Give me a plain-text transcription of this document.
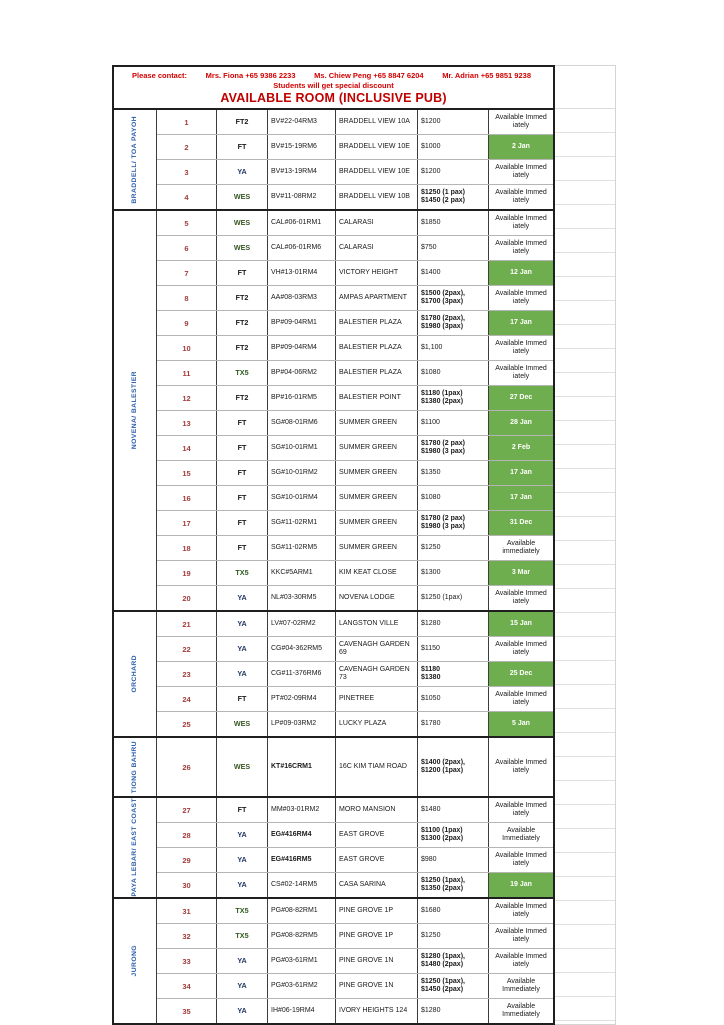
Please contact: Mrs. Fiona +65 9386 2233 Ms. Chiew Peng +65 8847 6204 Mr. Adrian +65 9851 9238
Students will get special discount
AVAILABLE ROOM (INCLUSIVE PUB)
BRADDELL/ TOA PAYOH	1	FT2	BV#22-04RM3	BRADDELL VIEW 10A	$1200
Available Immed iately
2	FT	BV#15-19RM6	BRADDELL VIEW 10E	$1000	2 Jan
3	YA	BV#13-19RM4	BRADDELL VIEW 10E	$1200
Available Immed iately
4	WES	BV#11-08RM2	BRADDELL VIEW 10B
$1250 (1 pax)
$1450 (2 pax)
Available Immed iately
NOVENA/ BALESTIER
5	WES	CAL#06-01RM1	CALARASI	$1850
Available Immed iately
6	WES	CAL#06-01RM6	CALARASI	$750
Available Immed iately
7	FT	VH#13-01RM4	VICTORY HEIGHT	$1400	12 Jan
8	FT2	AA#08-03RM3	AMPAS APARTMENT
$1500 (2pax),
$1700 (3pax)
Available Immed iately
9	FT2	BP#09-04RM1	BALESTIER PLAZA
$1780 (2pax),
$1980 (3pax)
17 Jan
10	FT2	BP#09-04RM4	BALESTIER PLAZA	$1,100
Available Immed iately
11	TX5	BP#04-06RM2	BALESTIER PLAZA	$1080
Available Immed iately
12	FT2	BP#16-01RM5	BALESTIER POINT
$1180 (1pax)
$1380 (2pax)
27 Dec
13	FT	SG#08-01RM6	SUMMER GREEN	$1100	28 Jan
14	FT	SG#10-01RM1	SUMMER GREEN
$1780 (2 pax)
$1980 (3 pax)
2 Feb
15	FT	SG#10-01RM2	SUMMER GREEN	$1350	17 Jan
16	FT	SG#10-01RM4	SUMMER GREEN	$1080	17 Jan
17	FT	SG#11-02RM1	SUMMER GREEN
$1780 (2 pax)
$1980 (3 pax)
31 Dec
18	FT	SG#11-02RM5	SUMMER GREEN	$1250
Available immediately
19	TX5	KKC#5ARM1	KIM KEAT CLOSE	$1300	3 Mar
20	YA	NL#03-30RM5	NOVENA LODGE	$1250 (1pax)
Available Immed iately
ORCHARD
21	YA	LV#07-02RM2	LANGSTON VILLE	$1280	15 Jan
22	YA	CG#04-362RM5
CAVENAGH GARDEN 69
$1150
Available Immed iately
23	YA	CG#11-376RM6
CAVENAGH GARDEN 73
$1180
$1380
25 Dec
24	FT	PT#02-09RM4	PINETREE	$1050
Available Immed iately
25	WES	LP#09-03RM2	LUCKY PLAZA	$1780	5 Jan
TIONG BAHRU	26	WES	KT#16CRM1	16C KIM TIAM ROAD
$1400 (2pax),
$1200 (1pax)
Available Immed iately
PAYA LEBAR/ EAST COAST	27	FT	MM#03-01RM2	MORO MANSION	$1480
Available Immed iately
28	YA	EG#416RM4	EAST GROVE
$1100 (1pax)
$1300 (2pax)
Available Immediately
29	YA	EG#416RM5	EAST GROVE	$980
Available Immed iately
30	YA	CS#02-14RM5	CASA SARINA
$1250 (1pax),
$1350 (2pax)
19 Jan
JURONG
31	TX5	PG#08-82RM1	PINE GROVE 1P	$1680
Available Immed iately
32	TX5	PG#08-82RM5	PINE GROVE 1P	$1250
Available Immed iately
33	YA	PG#03-61RM1	PINE GROVE 1N
$1280 (1pax),
$1480 (2pax)
Available Immed iately
34	YA	PG#03-61RM2	PINE GROVE 1N
$1250 (1pax),
$1450 (2pax)
Available Immediately
35	YA	IH#06-19RM4	IVORY HEIGHTS 124	$1280
Available Immediately
